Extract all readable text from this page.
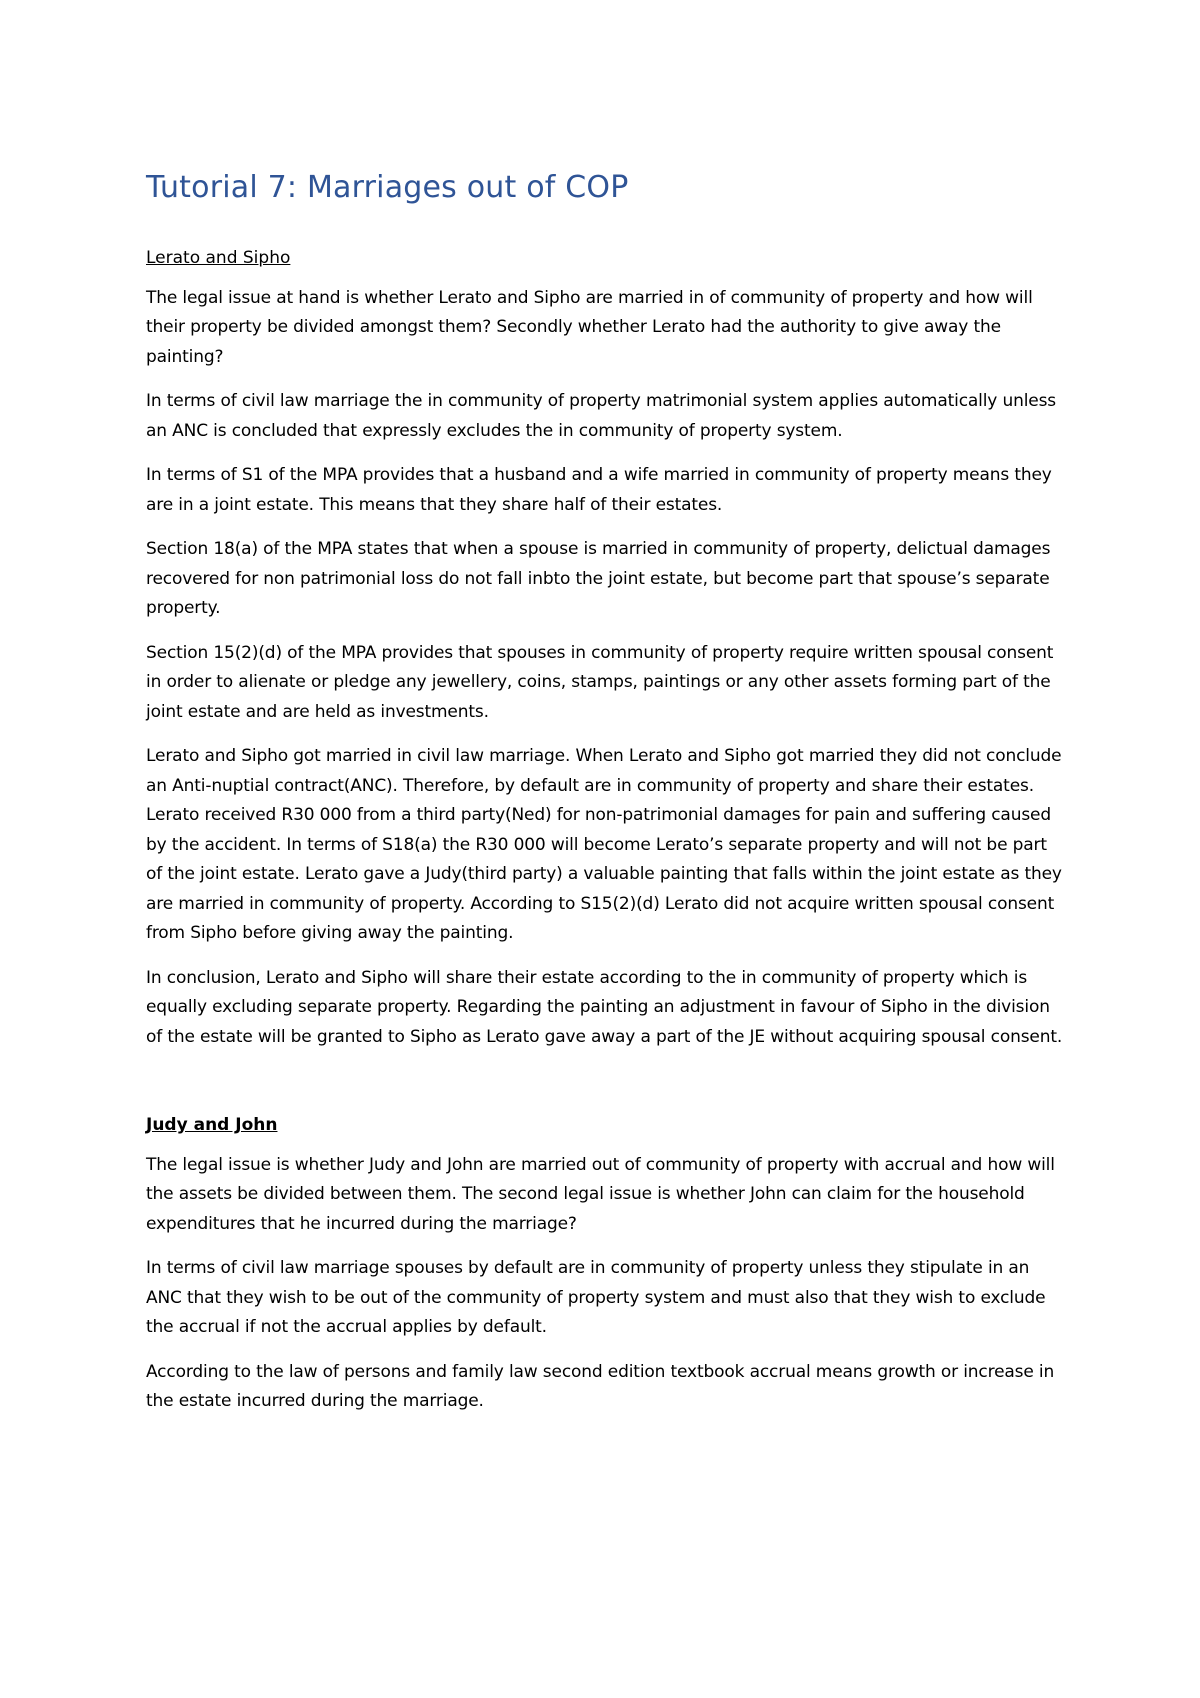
Tutorial 7: Marriages out of COP

Lerato and Sipho

The legal issue at hand is whether Lerato and Sipho are married in of community of property and how will their property be divided amongst them? Secondly whether Lerato had the authority to give away the painting?

In terms of civil law marriage the in community of property matrimonial system applies automatically unless an ANC is concluded that expressly excludes the in community of property system.

In terms of S1 of the MPA provides that a husband and a wife married in community of property means they are in a joint estate. This means that they share half of their estates.

Section 18(a) of the MPA states that when a spouse is married in community of property, delictual damages recovered for non patrimonial loss do not fall inbto the joint estate, but become part that spouse’s separate property.

Section 15(2)(d) of the MPA provides that spouses in community of property require written spousal consent in order to alienate or pledge any jewellery, coins, stamps, paintings or any other assets forming part of the joint estate and are held as investments.

Lerato and Sipho got married in civil law marriage. When Lerato and Sipho got married they did not conclude an Anti-nuptial contract(ANC). Therefore, by default are in community of property and share their estates. Lerato received R30 000 from a third party(Ned) for non-patrimonial damages for pain and suffering caused by the accident. In terms of S18(a) the R30 000 will become Lerato’s separate property and will not be part of the joint estate. Lerato gave a Judy(third party) a valuable painting that falls within the joint estate as they are married in community of property. According to S15(2)(d) Lerato did not acquire written spousal consent from Sipho before giving away the painting.

In conclusion, Lerato and Sipho will share their estate according to the in community of property which is equally excluding separate property. Regarding the painting an adjustment in favour of Sipho in the division of the estate will be granted to Sipho as Lerato gave away a part of the JE without acquiring spousal consent.

Judy and John

The legal issue is whether Judy and John are married out of community of property with accrual and how will the assets be divided between them. The second legal issue is whether John can claim for the household expenditures that he incurred during the marriage?

In terms of civil law marriage spouses by default are in community of property unless they stipulate in an ANC that they wish to be out of the community of property system and must also that they wish to exclude the accrual if not the accrual applies by default.

According to the law of persons and family law second edition textbook accrual means growth or increase in the estate incurred during the marriage.
